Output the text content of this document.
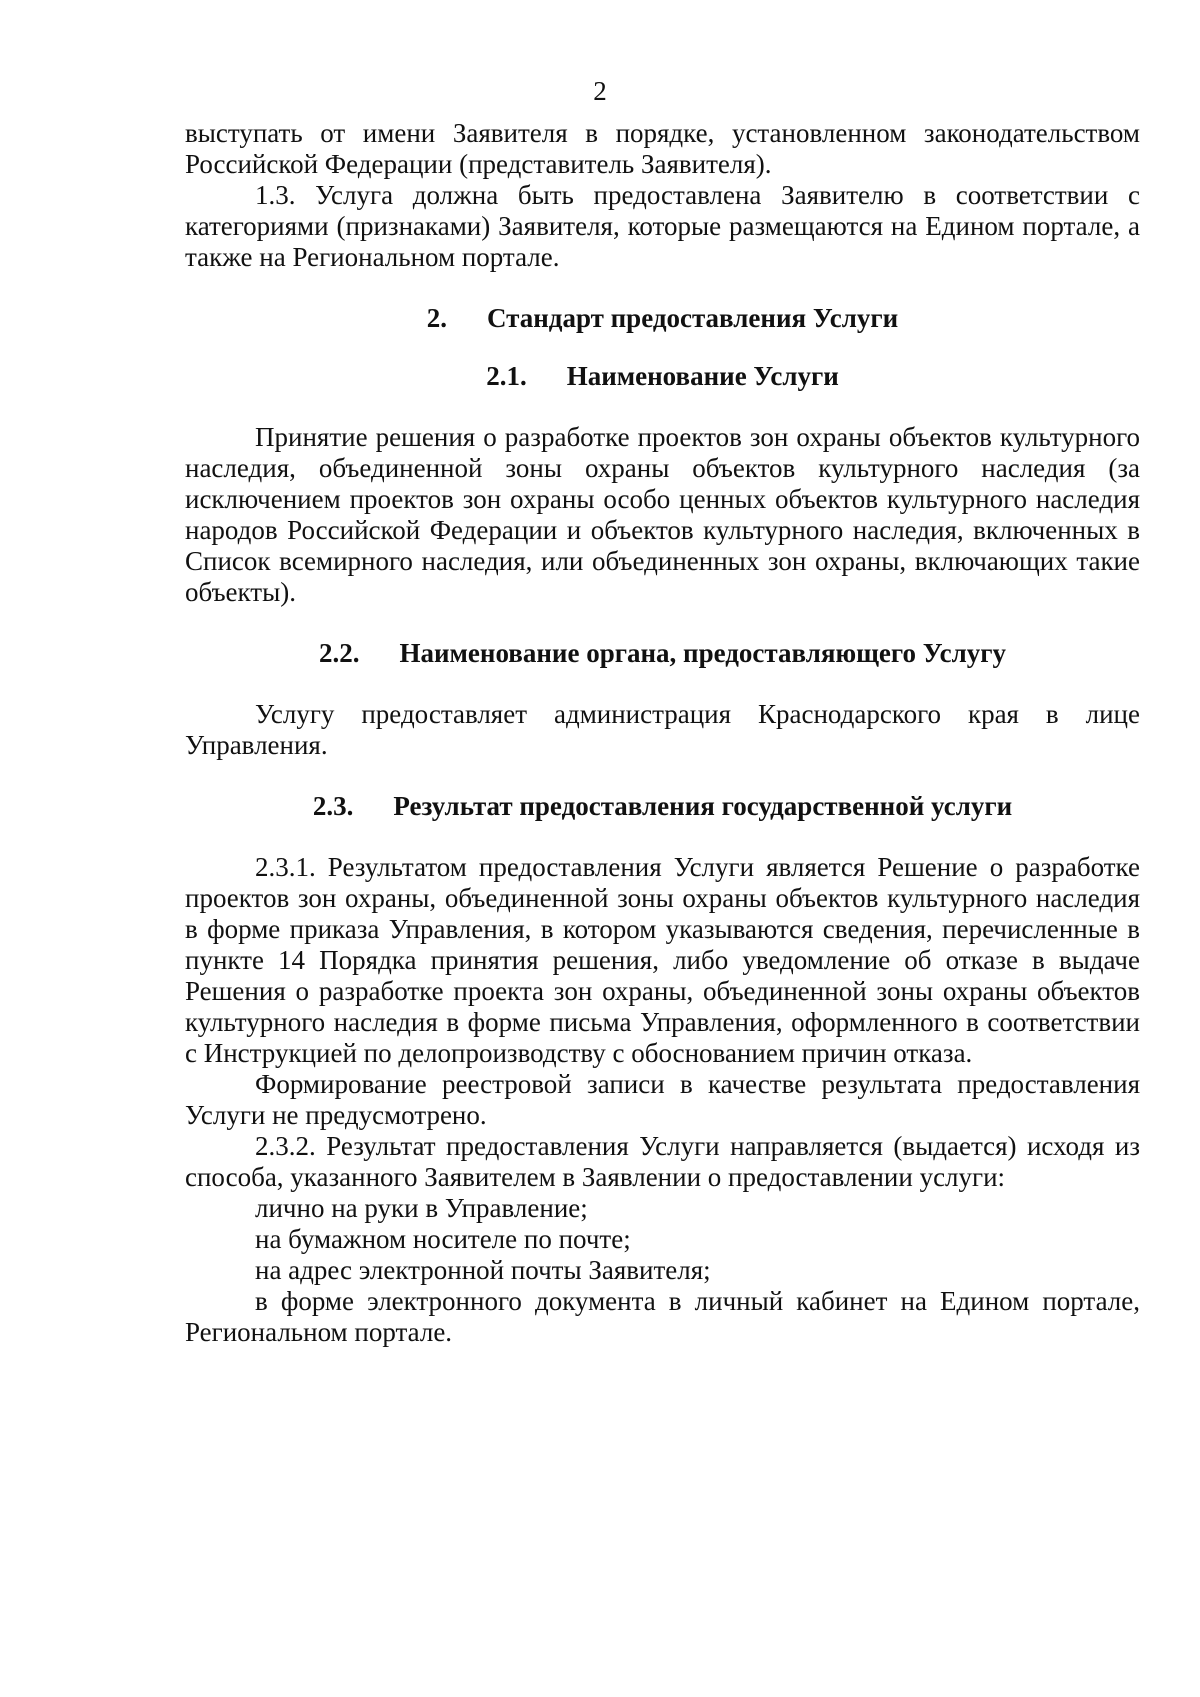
2

выступать от имени Заявителя в порядке, установленном законодательством Российской Федерации (представитель Заявителя).

1.3. Услуга должна быть предоставлена Заявителю в соответствии с категориями (признаками) Заявителя, которые размещаются на Едином портале, а также на Региональном портале.

2. Стандарт предоставления Услуги
2.1. Наименование Услуги

Принятие решения о разработке проектов зон охраны объектов культурного наследия, объединенной зоны охраны объектов культурного наследия (за исключением проектов зон охраны особо ценных объектов культурного наследия народов Российской Федерации и объектов культурного наследия, включенных в Список всемирного наследия, или объединенных зон охраны, включающих такие объекты).

2.2. Наименование органа, предоставляющего Услугу

Услугу предоставляет администрация Краснодарского края в лице Управления.

2.3. Результат предоставления государственной услуги

2.3.1. Результатом предоставления Услуги является Решение о разработке проектов зон охраны, объединенной зоны охраны объектов культурного наследия в форме приказа Управления, в котором указываются сведения, перечисленные в пункте 14 Порядка принятия решения, либо уведомление об отказе в выдаче Решения о разработке проекта зон охраны, объединенной зоны охраны объектов культурного наследия в форме письма Управления, оформленного в соответствии с Инструкцией по делопроизводству с обоснованием причин отказа.

Формирование реестровой записи в качестве результата предоставления Услуги не предусмотрено.

2.3.2. Результат предоставления Услуги направляется (выдается) исходя из способа, указанного Заявителем в Заявлении о предоставлении услуги:

лично на руки в Управление;

на бумажном носителе по почте;

на адрес электронной почты Заявителя;

в форме электронного документа в личный кабинет на Едином портале, Региональном портале.
